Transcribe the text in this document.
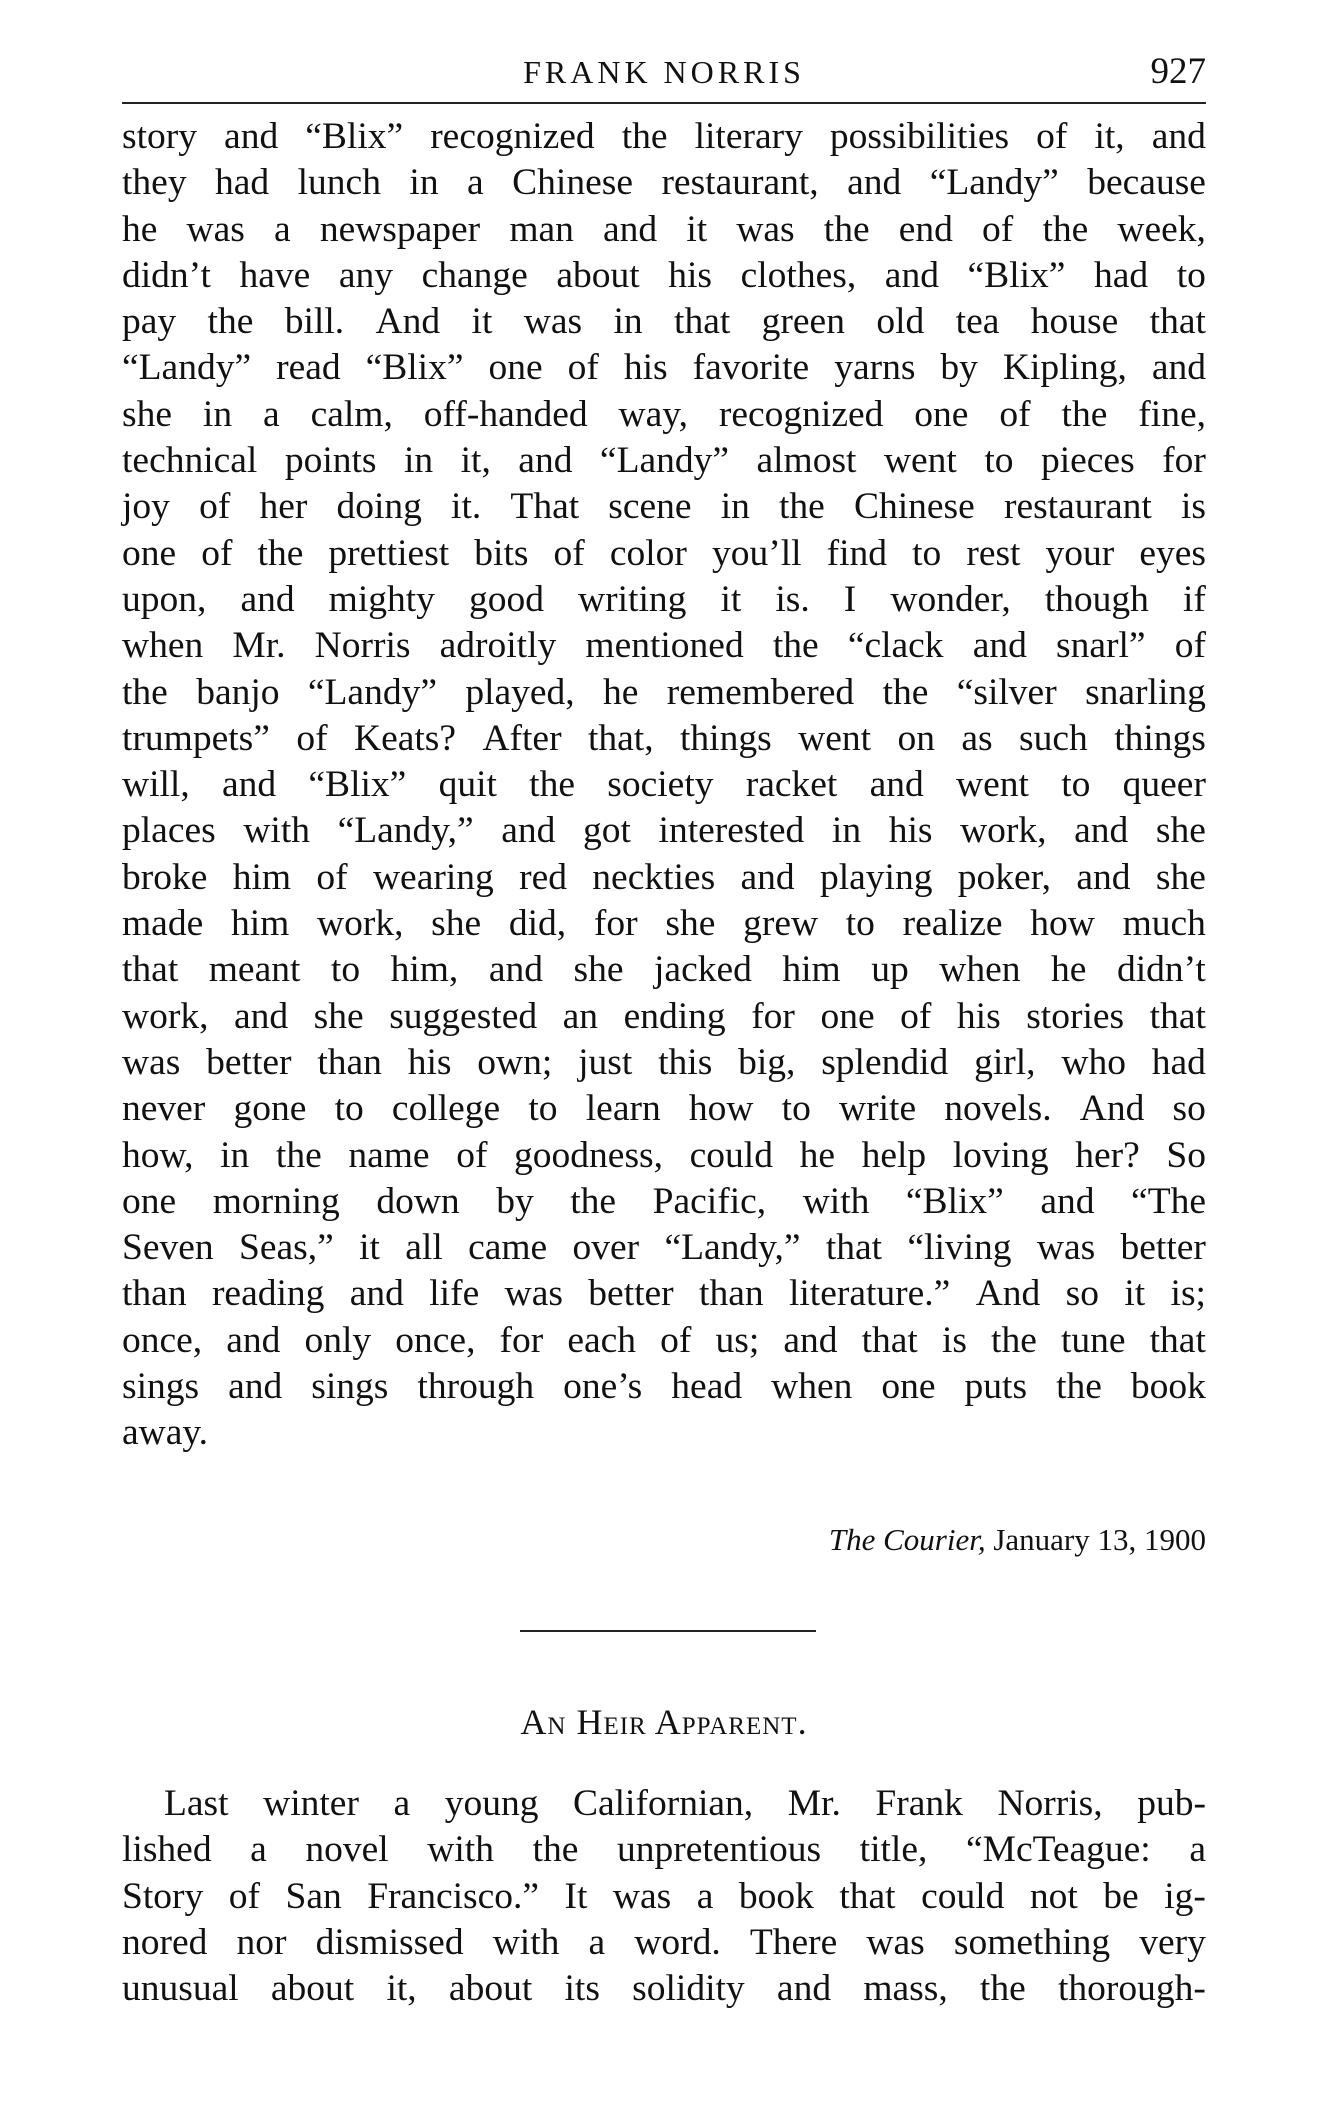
FRANK NORRIS	927
story and “Blix” recognized the literary possibilities of it, and
they had lunch in a Chinese restaurant, and “Landy” because
he was a newspaper man and it was the end of the week,
didn’t have any change about his clothes, and “Blix” had to
pay the bill. And it was in that green old tea house that
“Landy” read “Blix” one of his favorite yarns by Kipling, and
she in a calm, off-handed way, recognized one of the fine,
technical points in it, and “Landy” almost went to pieces for
joy of her doing it. That scene in the Chinese restaurant is
one of the prettiest bits of color you’ll find to rest your eyes
upon, and mighty good writing it is. I wonder, though if
when Mr. Norris adroitly mentioned the “clack and snarl” of
the banjo “Landy” played, he remembered the “silver snarling
trumpets” of Keats? After that, things went on as such things
will, and “Blix” quit the society racket and went to queer
places with “Landy,” and got interested in his work, and she
broke him of wearing red neckties and playing poker, and she
made him work, she did, for she grew to realize how much
that meant to him, and she jacked him up when he didn’t
work, and she suggested an ending for one of his stories that
was better than his own; just this big, splendid girl, who had
never gone to college to learn how to write novels. And so
how, in the name of goodness, could he help loving her? So
one morning down by the Pacific, with “Blix” and “The
Seven Seas,” it all came over “Landy,” that “living was better
than reading and life was better than literature.” And so it is;
once, and only once, for each of us; and that is the tune that
sings and sings through one’s head when one puts the book
away.
The Courier, January 13, 1900
An Heir Apparent.
Last winter a young Californian, Mr. Frank Norris, pub-
lished a novel with the unpretentious title, “McTeague: a
Story of San Francisco.” It was a book that could not be ig-
nored nor dismissed with a word. There was something very
unusual about it, about its solidity and mass, the thorough-
